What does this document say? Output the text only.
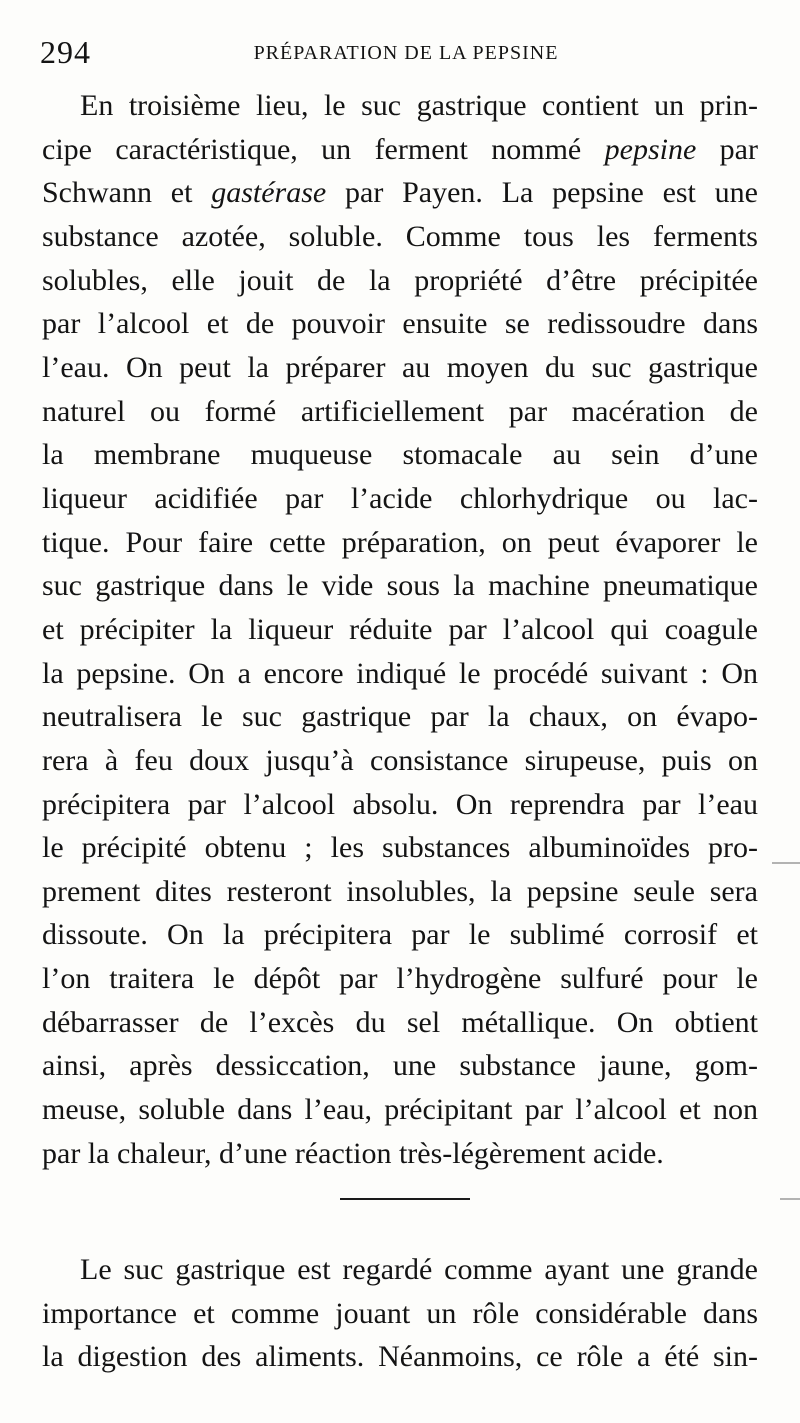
294	PRÉPARATION DE LA PEPSINE
En troisième lieu, le suc gastrique contient un prin-
cipe caractéristique, un ferment nommé pepsine par
Schwann et gastérase par Payen. La pepsine est une
substance azotée, soluble. Comme tous les ferments
solubles, elle jouit de la propriété d’être précipitée
par l’alcool et de pouvoir ensuite se redissoudre dans
l’eau. On peut la préparer au moyen du suc gastrique
naturel ou formé artificiellement par macération de
la membrane muqueuse stomacale au sein d’une
liqueur acidifiée par l’acide chlorhydrique ou lac-
tique. Pour faire cette préparation, on peut évaporer le
suc gastrique dans le vide sous la machine pneumatique
et précipiter la liqueur réduite par l’alcool qui coagule
la pepsine. On a encore indiqué le procédé suivant : On
neutralisera le suc gastrique par la chaux, on évapo-
rera à feu doux jusqu’à consistance sirupeuse, puis on
précipitera par l’alcool absolu. On reprendra par l’eau
le précipité obtenu ; les substances albuminoïdes pro-
prement dites resteront insolubles, la pepsine seule sera
dissoute. On la précipitera par le sublimé corrosif et
l’on traitera le dépôt par l’hydrogène sulfuré pour le
débarrasser de l’excès du sel métallique. On obtient
ainsi, après dessiccation, une substance jaune, gom-
meuse, soluble dans l’eau, précipitant par l’alcool et non
par la chaleur, d’une réaction très-légèrement acide.
Le suc gastrique est regardé comme ayant une grande
importance et comme jouant un rôle considérable dans
la digestion des aliments. Néanmoins, ce rôle a été sin-
